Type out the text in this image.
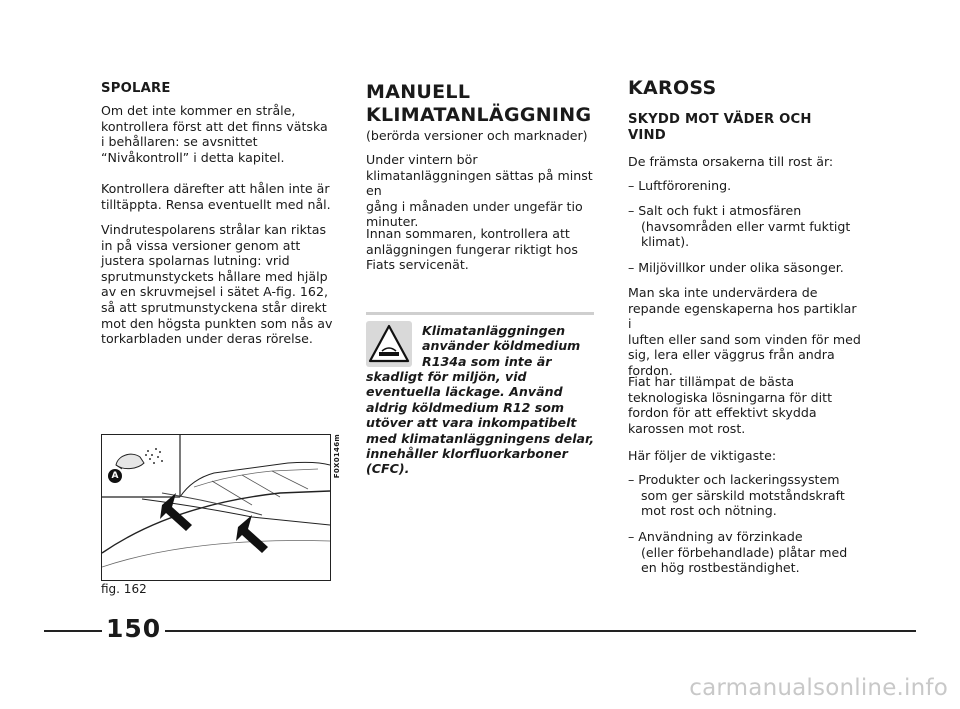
SPOLARE

Om det inte kommer en stråle,
kontrollera först att det finns vätska
i behållaren: se avsnittet
“Nivåkontroll” i detta kapitel.

Kontrollera därefter att hålen inte är
tilltäppta. Rensa eventuellt med nål.

Vindrutespolarens strålar kan riktas
in på vissa versioner genom att
justera spolarnas lutning: vrid
sprutmunstyckets hållare med hjälp
av en skruvmejsel i sätet A-fig. 162,
så att sprutmunstyckena står direkt
mot den högsta punkten som nås av
torkarbladen under deras rörelse.

A	F0X0146m
fig. 162
MANUELL
KLIMATANLÄGGNING

(berörda versioner och marknader)

Under vintern bör
klimatanläggningen sättas på minst en
gång i månaden under ungefär tio
minuter.

Innan sommaren, kontrollera att
anläggningen fungerar riktigt hos
Fiats servicenät.

Klimatanläggningen
använder köldmedium
R134a som inte är
skadligt för miljön, vid
eventuella läckage. Använd
aldrig köldmedium R12 som
utöver att vara inkompatibelt
med klimatanläggningens delar,
innehåller klorfluorkarboner
(CFC).
KAROSS
SKYDD MOT VÄDER OCH
VIND

De främsta orsakerna till rost är:

– Luftförorening.

– Salt och fukt i atmosfären
(havsområden eller varmt fuktigt
klimat).

– Miljövillkor under olika säsonger.

Man ska inte undervärdera de
repande egenskaperna hos partiklar i
luften eller sand som vinden för med
sig, lera eller väggrus från andra
fordon.

Fiat har tillämpat de bästa
teknologiska lösningarna för ditt
fordon för att effektivt skydda
karossen mot rost.

Här följer de viktigaste:

– Produkter och lackeringssystem
som ger särskild motståndskraft
mot rost och nötning.

– Användning av förzinkade
(eller förbehandlade) plåtar med
en hög rostbeständighet.

150
carmanualsonline.info
